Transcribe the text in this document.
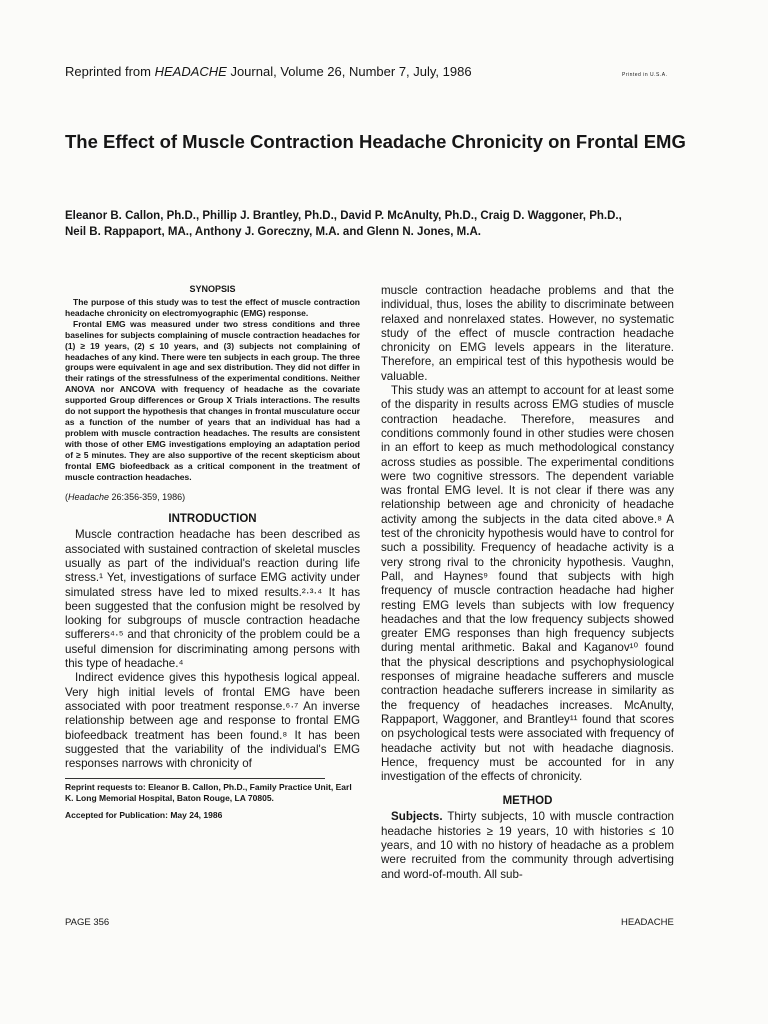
Reprinted from HEADACHE Journal, Volume 26, Number 7, July, 1986	Printed in U.S.A.
The Effect of Muscle Contraction Headache Chronicity on Frontal EMG
Eleanor B. Callon, Ph.D., Phillip J. Brantley, Ph.D., David P. McAnulty, Ph.D., Craig D. Waggoner, Ph.D.,
Neil B. Rappaport, MA., Anthony J. Goreczny, M.A. and Glenn N. Jones, M.A.
SYNOPSIS

The purpose of this study was to test the effect of muscle contraction headache chronicity on electromyographic (EMG) response.

Frontal EMG was measured under two stress conditions and three baselines for subjects complaining of muscle contraction headaches for (1) ≥ 19 years, (2) ≤ 10 years, and (3) subjects not complaining of headaches of any kind. There were ten subjects in each group. The three groups were equivalent in age and sex distribution. They did not differ in their ratings of the stressfulness of the experimental conditions. Neither ANOVA nor ANCOVA with frequency of headache as the covariate supported Group differences or Group X Trials interactions. The results do not support the hypothesis that changes in frontal musculature occur as a function of the number of years that an individual has had a problem with muscle contraction headaches. The results are consistent with those of other EMG investigations employing an adaptation period of ≥ 5 minutes. They are also supportive of the recent skepticism about frontal EMG biofeedback as a critical component in the treatment of muscle contraction headaches.

(Headache 26:356-359, 1986)
INTRODUCTION

Muscle contraction headache has been described as associated with sustained contraction of skeletal muscles usually as part of the individual's reaction during life stress.¹ Yet, investigations of surface EMG activity under simulated stress have led to mixed results.²·³·⁴ It has been suggested that the confusion might be resolved by looking for subgroups of muscle contraction headache sufferers⁴·⁵ and that chronicity of the problem could be a useful dimension for discriminating among persons with this type of headache.⁴

Indirect evidence gives this hypothesis logical appeal. Very high initial levels of frontal EMG have been associated with poor treatment response.⁶·⁷ An inverse relationship between age and response to frontal EMG biofeedback treatment has been found.⁸ It has been suggested that the variability of the individual's EMG responses narrows with chronicity of

Reprint requests to: Eleanor B. Callon, Ph.D., Family Practice Unit, Earl K. Long Memorial Hospital, Baton Rouge, LA 70805.
Accepted for Publication: May 24, 1986

muscle contraction headache problems and that the individual, thus, loses the ability to discriminate between relaxed and nonrelaxed states. However, no systematic study of the effect of muscle contraction headache chronicity on EMG levels appears in the literature. Therefore, an empirical test of this hypothesis would be valuable.

This study was an attempt to account for at least some of the disparity in results across EMG studies of muscle contraction headache. Therefore, measures and conditions commonly found in other studies were chosen in an effort to keep as much methodological constancy across studies as possible. The experimental conditions were two cognitive stressors. The dependent variable was frontal EMG level. It is not clear if there was any relationship between age and chronicity of headache activity among the subjects in the data cited above.⁸ A test of the chronicity hypothesis would have to control for such a possibility. Frequency of headache activity is a very strong rival to the chronicity hypothesis. Vaughn, Pall, and Haynes⁹ found that subjects with high frequency of muscle contraction headache had higher resting EMG levels than subjects with low frequency headaches and that the low frequency subjects showed greater EMG responses than high frequency subjects during mental arithmetic. Bakal and Kaganov¹⁰ found that the physical descriptions and psychophysiological responses of migraine headache sufferers and muscle contraction headache sufferers increase in similarity as the frequency of headaches increases. McAnulty, Rappaport, Waggoner, and Brantley¹¹ found that scores on psychological tests were associated with frequency of headache activity but not with headache diagnosis. Hence, frequency must be accounted for in any investigation of the effects of chronicity.

METHOD

Subjects. Thirty subjects, 10 with muscle contraction headache histories ≥ 19 years, 10 with histories ≤ 10 years, and 10 with no history of headache as a problem were recruited from the community through advertising and word-of-mouth. All sub-

PAGE 356	HEADACHE
